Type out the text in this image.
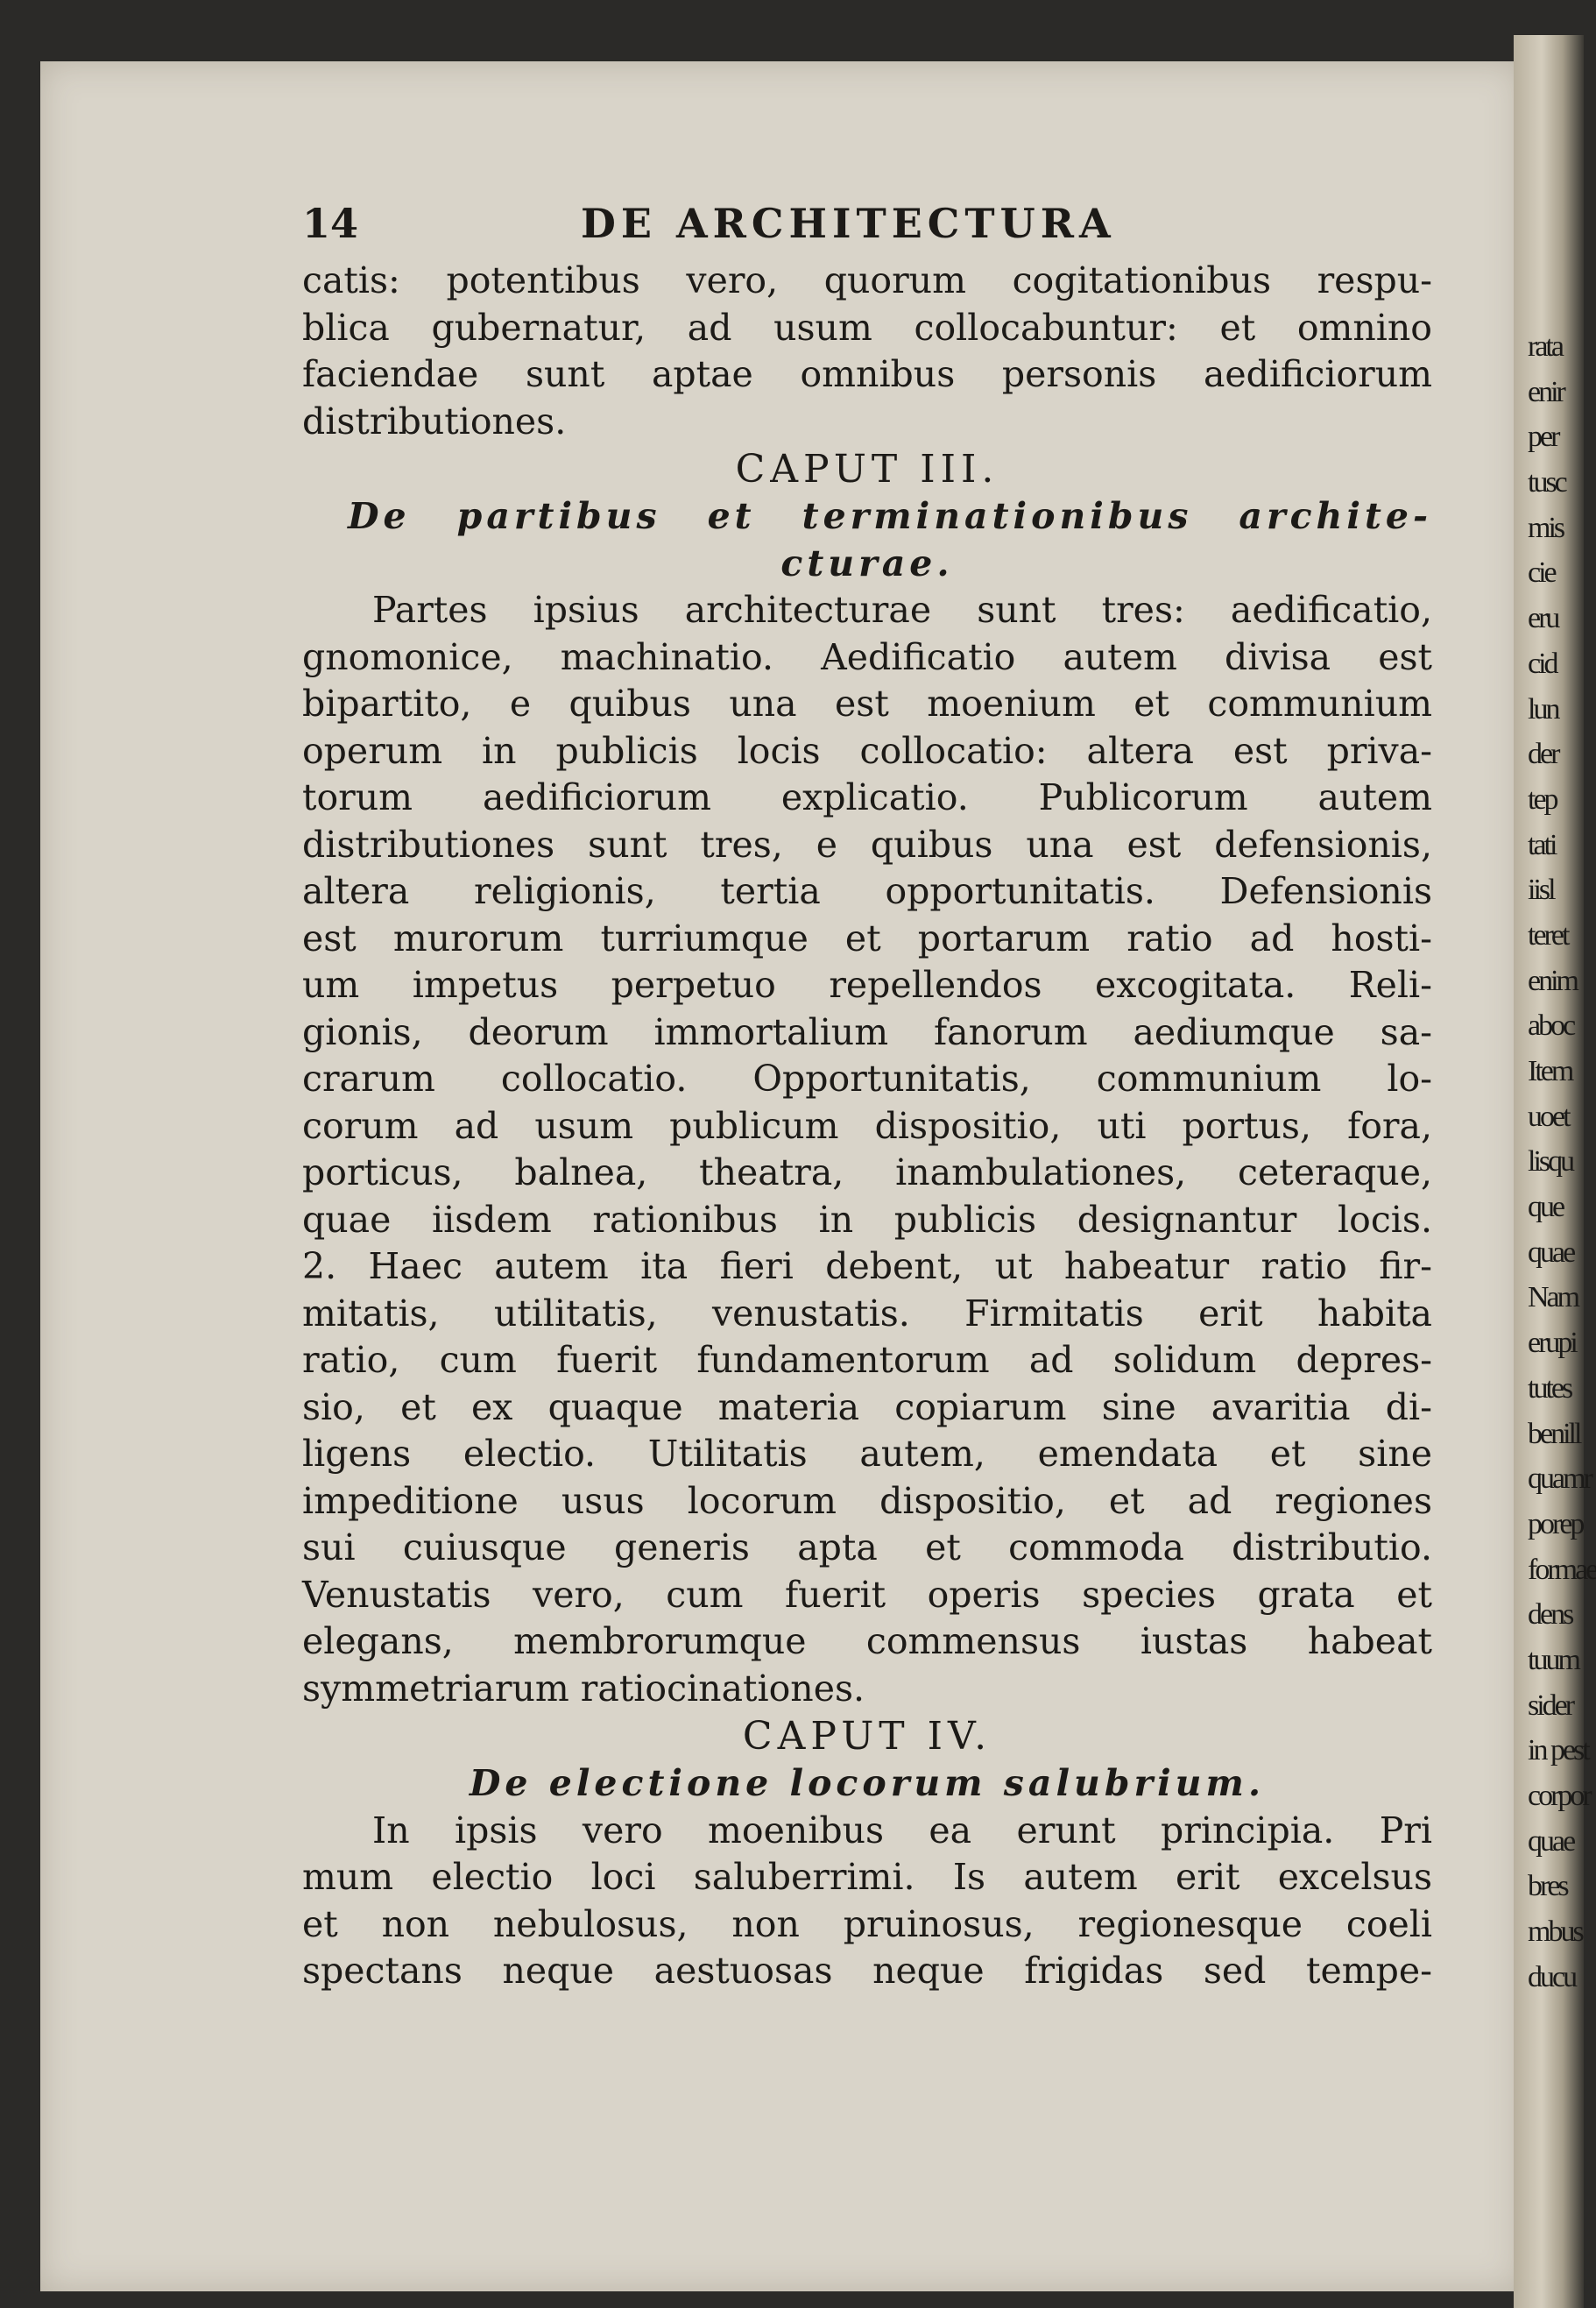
rata
enir
per
tusc
mis
cie
eru
cid
lun
der
tep
tati
iisl
teret
enim
aboc
Item
uoet
lisqu
que
quae
Nam
erupi
tutes
benill
quamr
porep
formae
dens
tuum
sider
in pest
corpor
quae
bres
mbus
ducu
14	DE ARCHITECTURA
catis: potentibus vero, quorum cogitationibus respu-
blica gubernatur, ad usum collocabuntur: et omnino
faciendae sunt aptae omnibus personis aedificiorum
distributiones.
CAPUT III.
De partibus et terminationibus archite-
cturae.
Partes ipsius architecturae sunt tres: aedificatio,
gnomonice, machinatio. Aedificatio autem divisa est
bipartito, e quibus una est moenium et communium
operum in publicis locis collocatio: altera est priva-
torum aedificiorum explicatio. Publicorum autem
distributiones sunt tres, e quibus una est defensionis,
altera religionis, tertia opportunitatis. Defensionis
est murorum turriumque et portarum ratio ad hosti-
um impetus perpetuo repellendos excogitata. Reli-
gionis, deorum immortalium fanorum aediumque sa-
crarum collocatio. Opportunitatis, communium lo-
corum ad usum publicum dispositio, uti portus, fora,
porticus, balnea, theatra, inambulationes, ceteraque,
quae iisdem rationibus in publicis designantur locis.
2. Haec autem ita fieri debent, ut habeatur ratio fir-
mitatis, utilitatis, venustatis. Firmitatis erit habita
ratio, cum fuerit fundamentorum ad solidum depres-
sio, et ex quaque materia copiarum sine avaritia di-
ligens electio. Utilitatis autem, emendata et sine
impeditione usus locorum dispositio, et ad regiones
sui cuiusque generis apta et commoda distributio.
Venustatis vero, cum fuerit operis species grata et
elegans, membrorumque commensus iustas habeat
symmetriarum ratiocinationes.
CAPUT IV.
De electione locorum salubrium.
In ipsis vero moenibus ea erunt principia. Pri
mum electio loci saluberrimi. Is autem erit excelsus
et non nebulosus, non pruinosus, regionesque coeli
spectans neque aestuosas neque frigidas sed tempe-
